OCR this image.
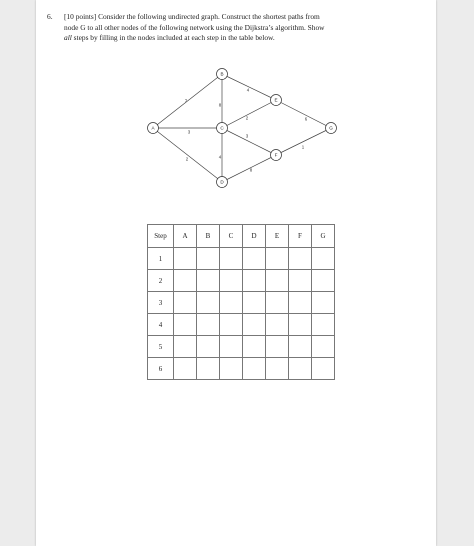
6. [10 points] Consider the following undirected graph. Construct the shortest paths from
node G to all other nodes of the following network using the Dijkstra’s algorithm. Show
all steps by filling in the nodes included at each step in the table below.
7
3
2
8
4
2
4
3
8
6
1
A
B
C
D
E
F
G
Step	A	B	C	D	E	F	G
1							
2							
3							
4							
5							
6							
